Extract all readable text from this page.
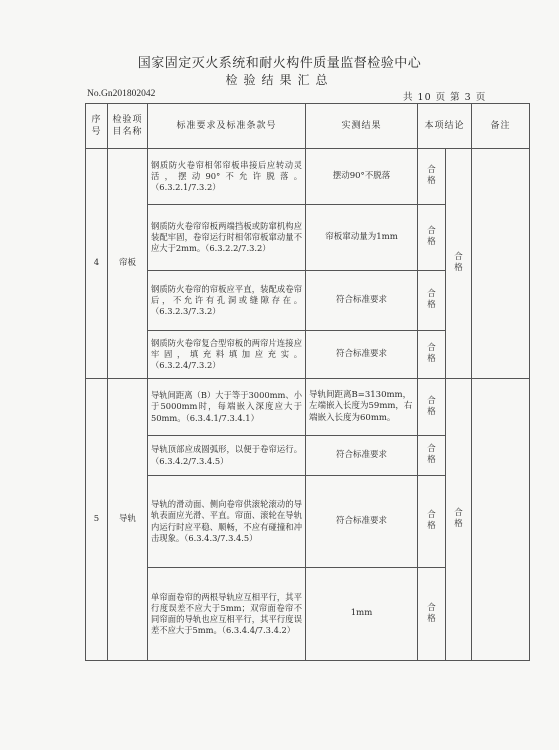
国家固定灭火系统和耐火构件质量监督检验中心
检验结果汇总
No.Gn201802042	共 10 页 第 3 页
序号	检验项目名称	标准要求及标准条款号	实测结果	本项结论		备注
4	帘板	钢质防火卷帘相邻帘板串接后应转动灵活，摆动90°不允许脱落。（6.3.2.1/7.3.2）	摆动90°不脱落	合格	合格	
		钢质防火卷帘帘板两端挡板或防窜机构应装配牢固，卷帘运行时相邻帘板窜动量不应大于2mm。（6.3.2.2/7.3.2）	帘板窜动量为1mm	合格		
		钢质防火卷帘的帘板应平直，装配成卷帘后，不允许有孔洞或缝隙存在。（6.3.2.3/7.3.2）	符合标准要求	合格		
		钢质防火卷帘复合型帘板的两帘片连接应牢固，填充料填加应充实。（6.3.2.4/7.3.2）	符合标准要求	合格		
5	导轨	导轨间距离（B）大于等于3000mm、小于5000mm时，每端嵌入深度应大于50mm。（6.3.4.1/7.3.4.1）	导轨间距离B=3130mm，左端嵌入长度为59mm，右端嵌入长度为60mm。	合格	合格	
		导轨顶部应成圆弧形，以便于卷帘运行。（6.3.4.2/7.3.4.5）	符合标准要求	合格		
		导轨的滑动面、侧向卷帘供滚轮滚动的导轨表面应光滑、平直。帘面、滚轮在导轨内运行时应平稳、顺畅，不应有碰撞和冲击现象。（6.3.4.3/7.3.4.5）	符合标准要求	合格		
		单帘面卷帘的两根导轨应互相平行，其平行度误差不应大于5mm；双帘面卷帘不同帘面的导轨也应互相平行，其平行度误差不应大于5mm。（6.3.4.4/7.3.4.2）	1mm	合格		
